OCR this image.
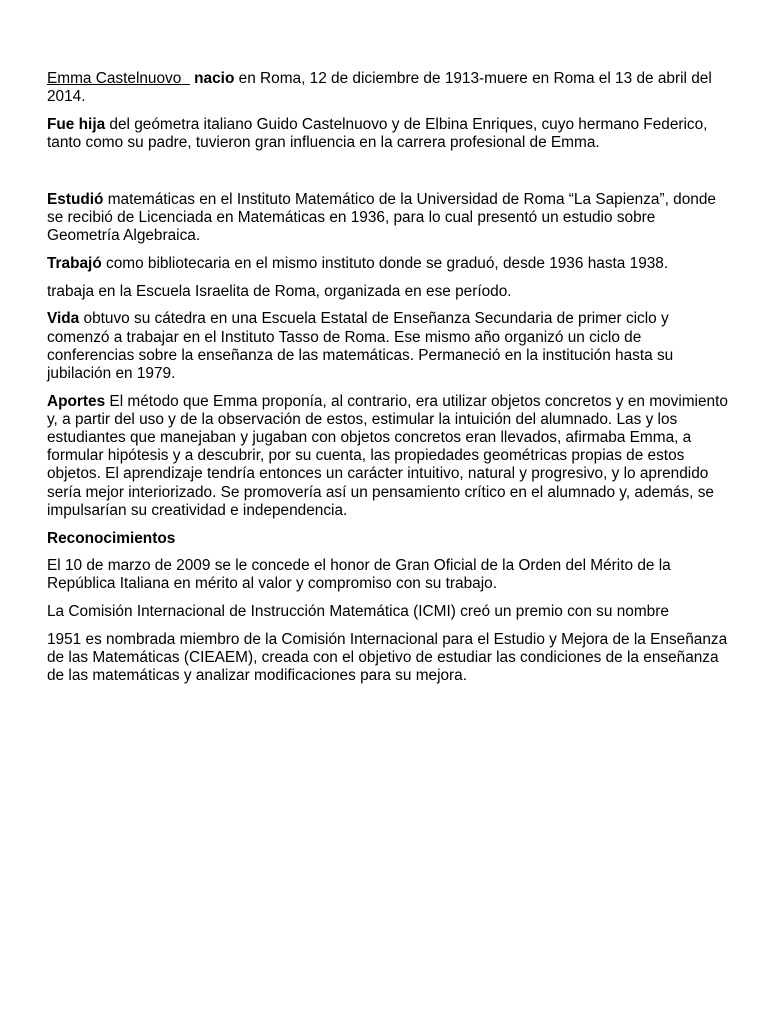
Emma Castelnuovo nacio en Roma, 12 de diciembre de 1913-muere en Roma el 13 de abril del 2014.

Fue hija del geómetra italiano Guido Castelnuovo y de Elbina Enriques, cuyo hermano Federico, tanto como su padre, tuvieron gran influencia en la carrera profesional de Emma.

Estudió matemáticas en el Instituto Matemático de la Universidad de Roma “La Sapienza”, donde se recibió de Licenciada en Matemáticas en 1936, para lo cual presentó un estudio sobre Geometría Algebraica.

Trabajó como bibliotecaria en el mismo instituto donde se graduó, desde 1936 hasta 1938.

trabaja en la Escuela Israelita de Roma, organizada en ese período.

Vida obtuvo su cátedra en una Escuela Estatal de Enseñanza Secundaria de primer ciclo y comenzó a trabajar en el Instituto Tasso de Roma. Ese mismo año organizó un ciclo de conferencias sobre la enseñanza de las matemáticas. Permaneció en la institución hasta su jubilación en 1979.

Aportes El método que Emma proponía, al contrario, era utilizar objetos concretos y en movimiento y, a partir del uso y de la observación de estos, estimular la intuición del alumnado. Las y los estudiantes que manejaban y jugaban con objetos concretos eran llevados, afirmaba Emma, a formular hipótesis y a descubrir, por su cuenta, las propiedades geométricas propias de estos objetos. El aprendizaje tendría entonces un carácter intuitivo, natural y progresivo, y lo aprendido sería mejor interiorizado. Se promovería así un pensamiento crítico en el alumnado y, además, se impulsarían su creatividad e independencia.

Reconocimientos

El 10 de marzo de 2009 se le concede el honor de Gran Oficial de la Orden del Mérito de la República Italiana en mérito al valor y compromiso con su trabajo.

La Comisión Internacional de Instrucción Matemática (ICMI) creó un premio con su nombre

1951 es nombrada miembro de la Comisión Internacional para el Estudio y Mejora de la Enseñanza de las Matemáticas (CIEAEM), creada con el objetivo de estudiar las condiciones de la enseñanza de las matemáticas y analizar modificaciones para su mejora.
